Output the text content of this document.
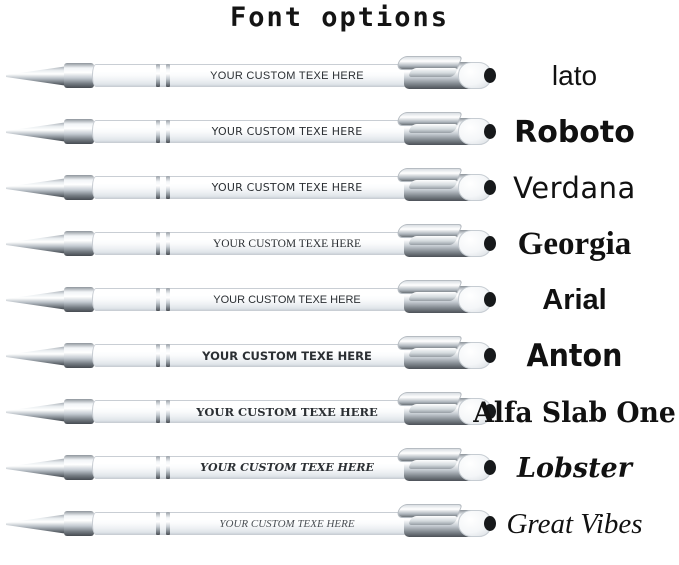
Font options
YOUR CUSTOM TEXE HERE	lato
YOUR CUSTOM TEXE HERE	Roboto
YOUR CUSTOM TEXE HERE	Verdana
YOUR CUSTOM TEXE HERE	Georgia
YOUR CUSTOM TEXE HERE	Arial
YOUR CUSTOM TEXE HERE	Anton
YOUR CUSTOM TEXE HERE	Alfa Slab One
YOUR CUSTOM TEXE HERE	Lobster
YOUR CUSTOM TEXE HERE	Great Vibes
